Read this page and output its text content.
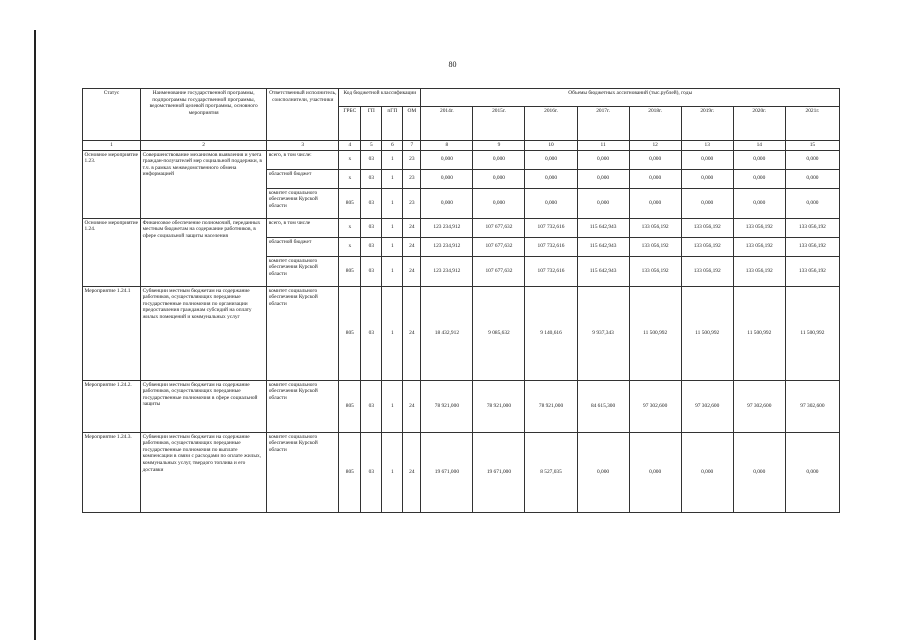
80
Статус	Наименование государственной программы, подпрограммы государственной программы, ведомственной целевой программы, основного мероприятия	Ответственный исполнитель, соисполнители, участники	Код бюджетной классификации				Объемы бюджетных ассигнований (тыс.рублей), годы							
			ГРБС	ГП	пГП	ОМ	2014г.	2015г.	2016г.	2017г.	2018г.	2019г.	2020г.	2021г.
1	2	3	4	5	6	7	8	9	10	11	12	13	14	15
Основное мероприятие 1.23.	Совершенствование механизмов выявления и учета граждан-получателей мер социальной поддержки, в т.ч. в рамках межведомственного обмена информацией	всего, в том числе:	x	03	1	23	0,000	0,000	0,000	0,000	0,000	0,000	0,000	0,000
		областной бюджет	x	03	1	23	0,000	0,000	0,000	0,000	0,000	0,000	0,000	0,000
		комитет социального обеспечения Курской области	805	03	1	23	0,000	0,000	0,000	0,000	0,000	0,000	0,000	0,000
Основное мероприятие 1.24.	Финансовое обеспечение полномочий, переданных местным бюджетам на содержание работников, в сфере социальной защиты населения	всего, в том числе	x	03	1	24	123 234,912	107 677,632	107 732,616	115 642,943	133 056,192	133 056,192	133 056,192	133 056,192
		областной бюджет	x	03	1	24	123 234,912	107 677,632	107 732,616	115 642,943	133 056,192	133 056,192	133 056,192	133 056,192
		комитет социального обеспечения Курской области	805	03	1	24	123 234,912	107 677,632	107 732,616	115 642,943	133 056,192	133 056,192	133 056,192	133 056,192
Мероприятие 1.24.1	Субвенции местным бюджетам на содержание работников, осуществляющих переданные государственные полномочия по организации предоставления гражданам субсидий на оплату жилых помещений и коммунальных услуг	комитет социального обеспечения Курской области	805	03	1	24	18 432,912	9 085,632	9 140,616	9 937,343	11 500,992	11 500,992	11 500,992	11 500,992
Мероприятие 1.24.2.	Субвенции местным бюджетам на содержание работников, осуществляющих переданные государственные полномочия в сфере социальной защиты	комитет социального обеспечения Курской области	805	03	1	24	78 921,000	78 921,000	78 921,000	84 615,300	97 302,600	97 302,600	97 302,600	97 302,600
Мероприятие 1.24.3.	Субвенции местным бюджетам на содержание работников, осуществляющих переданные государственные полномочия по выплате компенсации в связи с расходами по оплате жилых, коммунальных услуг, твердого топлива и его доставки	комитет социального обеспечения Курской области	805	03	1	24	19 671,000	19 671,000	8 527,035	0,000	0,000	0,000	0,000	0,000
